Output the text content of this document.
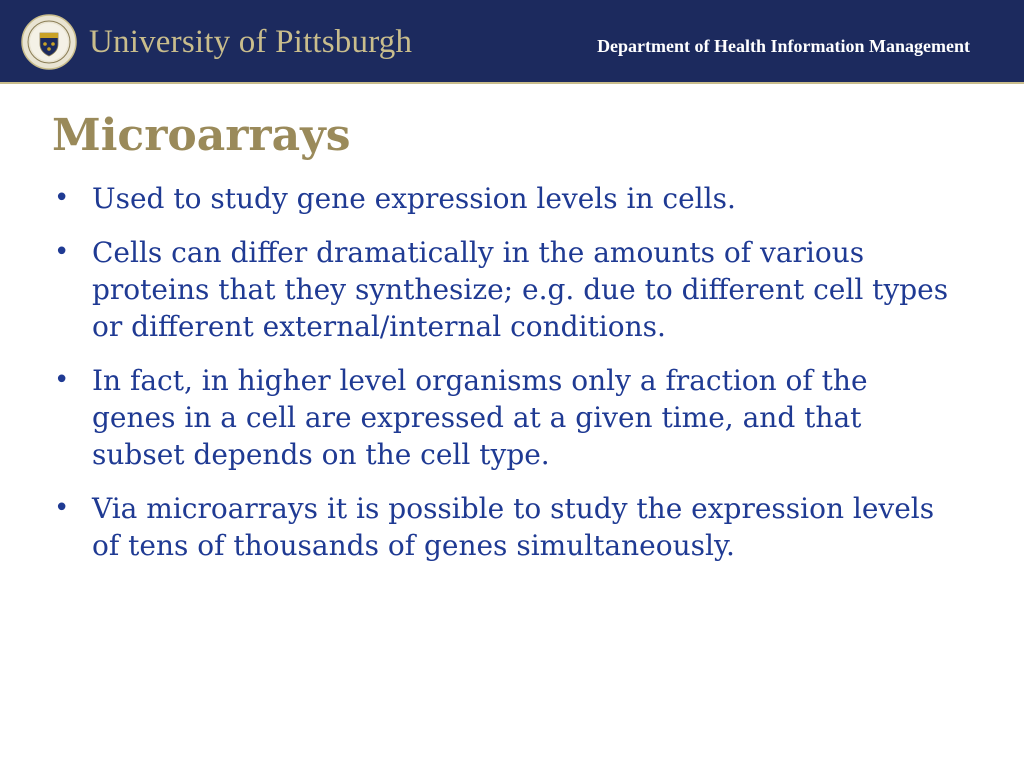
University of Pittsburgh	Department of Health Information Management
Microarrays
• Used to study gene expression levels in cells.
• Cells can differ dramatically in the amounts of various proteins that they synthesize; e.g. due to different cell types or different external/internal conditions.
• In fact, in higher level organisms only a fraction of the genes in a cell are expressed at a given time, and that subset depends on the cell type.
• Via microarrays it is possible to study the expression levels of tens of thousands of genes simultaneously.
